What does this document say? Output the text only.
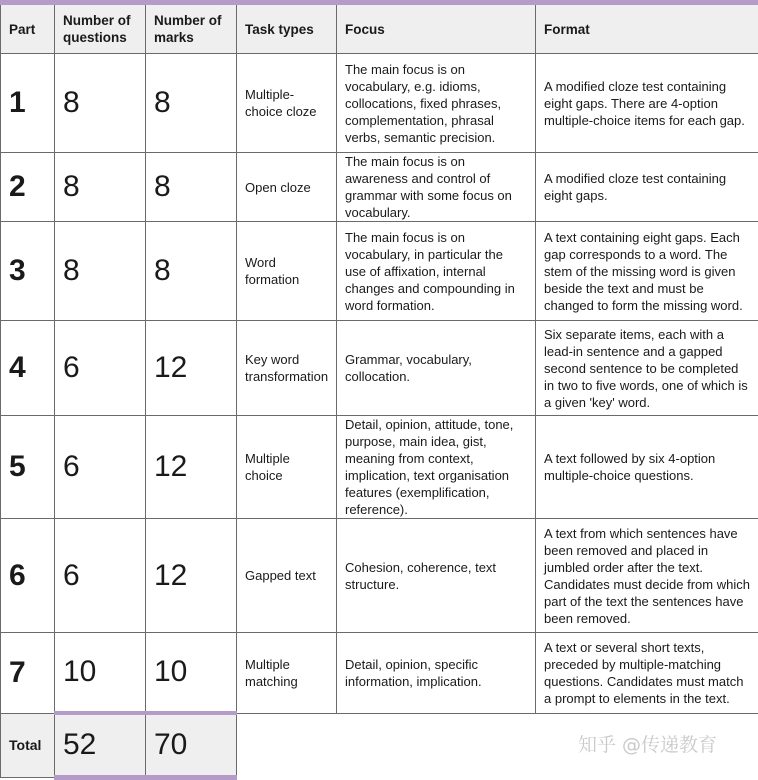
Part	Number of questions	Number of marks	Task types	Focus	Format
1	8	8	Multiple-choice cloze	The main focus is on vocabulary, e.g. idioms, collocations, fixed phrases, complementation, phrasal verbs, semantic precision.	A modified cloze test containing eight gaps. There are 4-option multiple-choice items for each gap.
2	8	8	Open cloze	The main focus is on awareness and control of grammar with some focus on vocabulary.	A modified cloze test containing eight gaps.
3	8	8	Word formation	The main focus is on vocabulary, in particular the use of affixation, internal changes and compounding in word formation.	A text containing eight gaps. Each gap corresponds to a word. The stem of the missing word is given beside the text and must be changed to form the missing word.
4	6	12	Key word transformation	Grammar, vocabulary, collocation.	Six separate items, each with a lead-in sentence and a gapped second sentence to be completed in two to five words, one of which is a given 'key' word.
5	6	12	Multiple choice	Detail, opinion, attitude, tone, purpose, main idea, gist, meaning from context, implication, text organisation features (exemplification, reference).	A text followed by six 4-option multiple-choice questions.
6	6	12	Gapped text	Cohesion, coherence, text structure.	A text from which sentences have been removed and placed in jumbled order after the text. Candidates must decide from which part of the text the sentences have been removed.
7	10	10	Multiple matching	Detail, opinion, specific information, implication.	A text or several short texts, preceded by multiple-matching questions. Candidates must match a prompt to elements in the text.
Total	52	70				知乎 @传递教育
